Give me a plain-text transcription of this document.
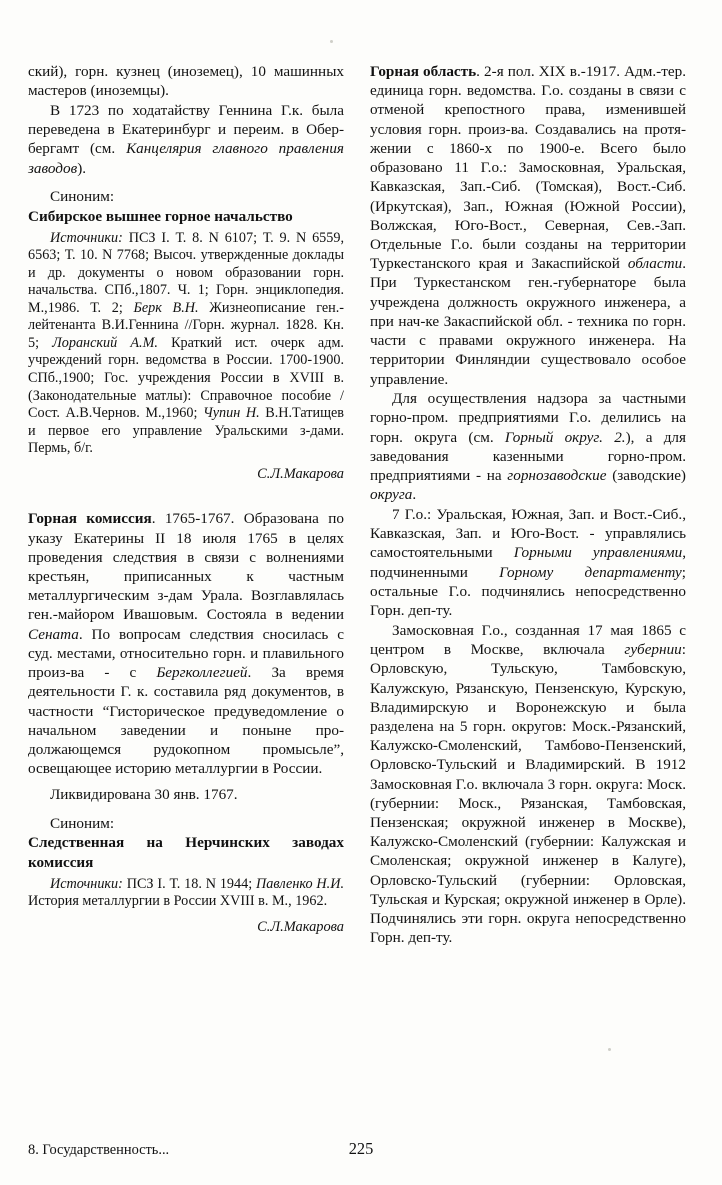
ский), горн. кузнец (иноземец), 10 машинных мастеров (иноземцы).

В 1723 по ходатайству Геннина Г.к. была переведена в Екатеринбург и переим. в Обер-бергамт (см. Канцелярия главного правления заводов).

Синоним:

Сибирское вышнее горное начальство

Источники: ПСЗ I. Т. 8. N 6107; Т. 9. N 6559, 6563; Т. 10. N 7768; Высоч. утвержденные доклады и др. документы о новом образовании горн. начальства. СПб.,1807. Ч. 1; Горн. энциклопедия. М.,1986. Т. 2; Берк В.Н. Жизнеописание ген.-лейтенанта В.И.Геннина //Горн. журнал. 1828. Кн. 5; Лоранский А.М. Краткий ист. очерк адм. учреждений горн. ведомства в России. 1700-1900. СПб.,1900; Гос. учреждения России в XVIII в. (Законодательные матлы): Справочное пособие /Сост. А.В.Чернов. М.,1960; Чупин Н. В.Н.Татищев и первое его управление Уральскими з-дами. Пермь, б/г.

С.Л.Макарова

Горная комиссия. 1765-1767. Образована по указу Екатерины II 18 июля 1765 в целях проведения следствия в связи с волнениями крестьян, приписанных к частным металлургическим з-дам Урала. Возглавлялась ген.-майором Ивашовым. Состояла в ведении Сената. По вопросам следствия сносилась с суд. местами, относительно горн. и плавильного произ-ва - с Бергколлегией. За время деятельности Г. к. составила ряд документов, в частности “Гисторическое предуведомление о начальном заведении и поныне продолжающемся рудокопном промысьле”, освещающее историю металлургии в России.

Ликвидирована 30 янв. 1767.

Синоним:

Следственная на Нерчинских заводах комиссия

Источники: ПСЗ I. Т. 18. N 1944; Павленко Н.И. История металлургии в России XVIII в. М., 1962.

С.Л.Макарова

Горная область. 2-я пол. XIX в.-1917. Адм.-тер. единица горн. ведомства. Г.о. созданы в связи с отменой крепостного права, изменившей условия горн. произ-ва. Создавались на протяжении с 1860-х по 1900-е. Всего было образовано 11 Г.о.: Замосковная, Уральская, Кавказская, Зап.-Сиб. (Томская), Вост.-Сиб. (Иркутская), Зап., Южная (Южной России), Волжская, Юго-Вост., Северная, Сев.-Зап. Отдельные Г.о. были созданы на территории Туркестанского края и Закаспийской области. При Туркестанском ген.-губернаторе была учреждена должность окружного инженера, а при нач-ке Закаспийской обл. - техника по горн. части с правами окружного инженера. На территории Финляндии существовало особое управление.

Для осуществления надзора за частными горно-пром. предприятиями Г.о. делились на горн. округа (см. Горный округ. 2.), а для заведования казенными горно-пром. предприятиями - на горнозаводские (заводские) округа.

7 Г.о.: Уральская, Южная, Зап. и Вост.-Сиб., Кавказская, Зап. и Юго-Вост. - управлялись самостоятельными Горными управлениями, подчиненными Горному департаменту; остальные Г.о. подчинялись непосредственно Горн. деп-ту.

Замосковная Г.о., созданная 17 мая 1865 с центром в Москве, включала губернии: Орловскую, Тульскую, Тамбовскую, Калужскую, Рязанскую, Пензенскую, Курскую, Владимирскую и Воронежскую и была разделена на 5 горн. округов: Моск.-Рязанский, Калужско-Смоленский, Тамбово-Пензенский, Орловско-Тульский и Владимирский. В 1912 Замосковная Г.о. включала 3 горн. округа: Моск. (губернии: Моск., Рязанская, Тамбовская, Пензенская; окружной инженер в Москве), Калужско-Смоленский (губернии: Калужская и Смоленская; окружной инженер в Калуге), Орловско-Тульский (губернии: Орловская, Тульская и Курская; окружной инженер в Орле). Подчинялись эти горн. округа непосредственно Горн. деп-ту.

8. Государственность...	225
